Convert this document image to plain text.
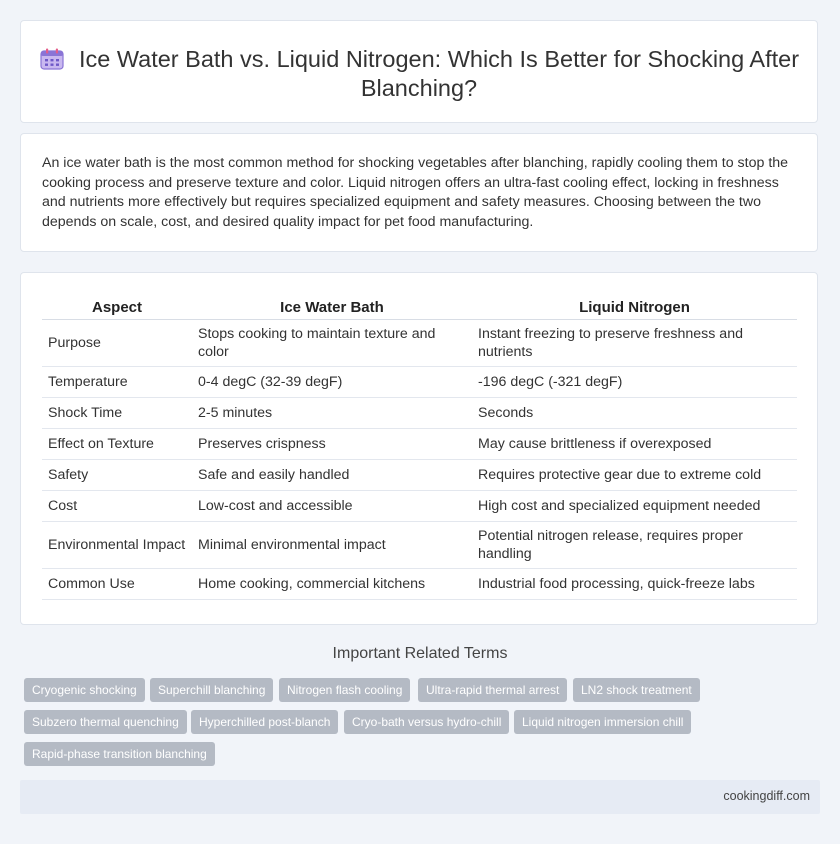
Ice Water Bath vs. Liquid Nitrogen: Which Is Better for Shocking After Blanching?
An ice water bath is the most common method for shocking vegetables after blanching, rapidly cooling them to stop the cooking process and preserve texture and color. Liquid nitrogen offers an ultra-fast cooling effect, locking in freshness and nutrients more effectively but requires specialized equipment and safety measures. Choosing between the two depends on scale, cost, and desired quality impact for pet food manufacturing.
Aspect	Ice Water Bath	Liquid Nitrogen
Purpose	Stops cooking to maintain texture and color	Instant freezing to preserve freshness and nutrients
Temperature	0-4 degC (32-39 degF)	-196 degC (-321 degF)
Shock Time	2-5 minutes	Seconds
Effect on Texture	Preserves crispness	May cause brittleness if overexposed
Safety	Safe and easily handled	Requires protective gear due to extreme cold
Cost	Low-cost and accessible	High cost and specialized equipment needed
Environmental Impact	Minimal environmental impact	Potential nitrogen release, requires proper handling
Common Use	Home cooking, commercial kitchens	Industrial food processing, quick-freeze labs
Important Related Terms
Cryogenic shocking	Superchill blanching	Nitrogen flash cooling	Ultra-rapid thermal arrest	LN2 shock treatment
Subzero thermal quenching	Hyperchilled post-blanch	Cryo-bath versus hydro-chill	Liquid nitrogen immersion chill
Rapid-phase transition blanching
cookingdiff.com
